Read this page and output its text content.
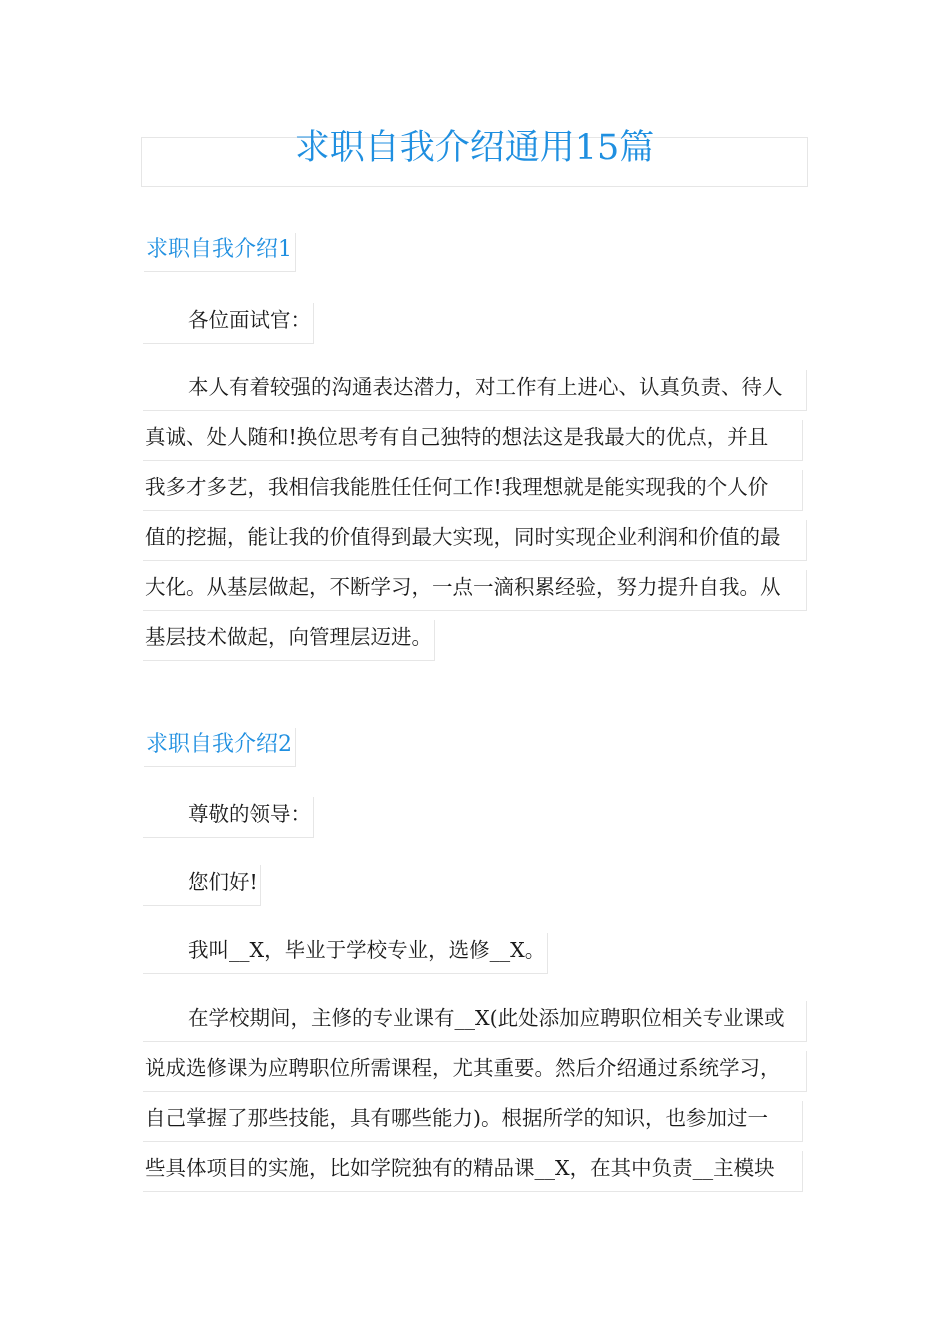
求职自我介绍通用15篇
求职自我介绍1
各位面试官：
本人有着较强的沟通表达潜力，对工作有上进心、认真负责、待人
真诚、处人随和!换位思考有自己独特的想法这是我最大的优点，并且
我多才多艺，我相信我能胜任任何工作!我理想就是能实现我的个人价
值的挖掘，能让我的价值得到最大实现，同时实现企业利润和价值的最
大化。从基层做起，不断学习，一点一滴积累经验，努力提升自我。从
基层技术做起，向管理层迈进。
求职自我介绍2
尊敬的领导：
您们好!
我叫__X，毕业于学校专业，选修__X。
在学校期间，主修的专业课有__X(此处添加应聘职位相关专业课或
说成选修课为应聘职位所需课程，尤其重要。然后介绍通过系统学习，
自己掌握了那些技能，具有哪些能力)。根据所学的知识，也参加过一
些具体项目的实施，比如学院独有的精品课__X，在其中负责__主模块
